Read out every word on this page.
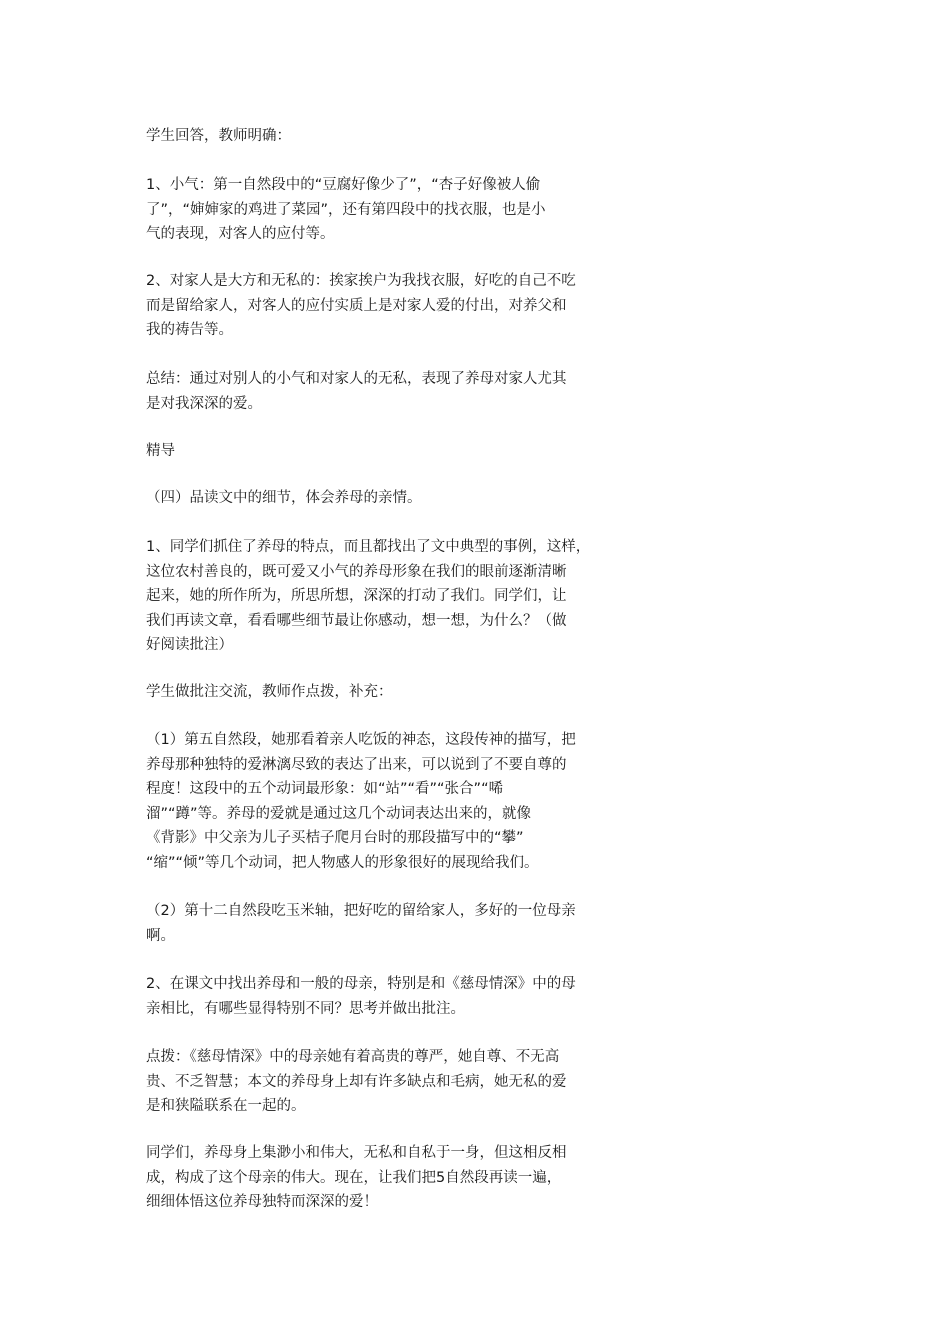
学生回答，教师明确：
1、小气：第一自然段中的“豆腐好像少了”，“杏子好像被人偷
了”，“婶婶家的鸡进了菜园”，还有第四段中的找衣服，也是小
气的表现，对客人的应付等。
2、对家人是大方和无私的：挨家挨户为我找衣服，好吃的自己不吃
而是留给家人，对客人的应付实质上是对家人爱的付出，对养父和
我的祷告等。
总结：通过对别人的小气和对家人的无私，表现了养母对家人尤其
是对我深深的爱。
精导
（四）品读文中的细节，体会养母的亲情。
1、同学们抓住了养母的特点，而且都找出了文中典型的事例，这样，
这位农村善良的，既可爱又小气的养母形象在我们的眼前逐渐清晰
起来，她的所作所为，所思所想，深深的打动了我们。同学们，让
我们再读文章，看看哪些细节最让你感动，想一想，为什么？（做
好阅读批注）
学生做批注交流，教师作点拨，补充：
（1）第五自然段，她那看着亲人吃饭的神态，这段传神的描写，把
养母那种独特的爱淋漓尽致的表达了出来，可以说到了不要自尊的
程度！这段中的五个动词最形象：如“站”“看”“张合”“唏
溜”“蹲”等。养母的爱就是通过这几个动词表达出来的，就像
《背影》中父亲为儿子买桔子爬月台时的那段描写中的“攀”
“缩”“倾”等几个动词，把人物感人的形象很好的展现给我们。
（2）第十二自然段吃玉米轴，把好吃的留给家人，多好的一位母亲
啊。
2、在课文中找出养母和一般的母亲，特别是和《慈母情深》中的母
亲相比，有哪些显得特别不同？思考并做出批注。
点拨：《慈母情深》中的母亲她有着高贵的尊严，她自尊、不无高
贵、不乏智慧；本文的养母身上却有许多缺点和毛病，她无私的爱
是和狭隘联系在一起的。
同学们，养母身上集渺小和伟大，无私和自私于一身，但这相反相
成，构成了这个母亲的伟大。现在，让我们把5自然段再读一遍，
细细体悟这位养母独特而深深的爱！
